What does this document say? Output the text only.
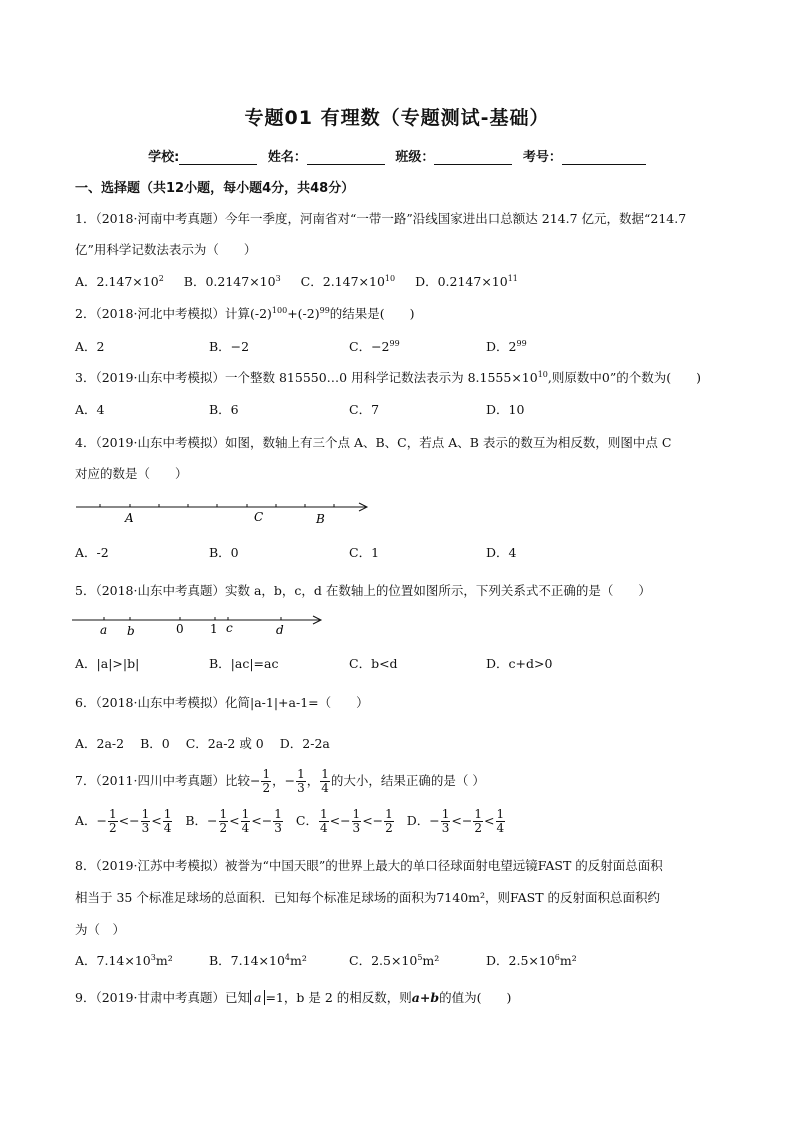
专题01 有理数（专题测试-基础）
学校:	姓名：	班级：	考号：
一、选择题（共12小题，每小题4分，共48分）
1．（2018·河南中考真题）今年一季度，河南省对“一带一路”沿线国家进出口总额达 214.7 亿元，数据“214.7
亿”用科学记数法表示为（　　）
A．$2.147\times 10^2$ B．$0.2147\times 10^3$ C．$2.147\times 10^{10}$ D．$0.2147\times 10^{11}$
2．（2018·河北中考模拟）计算$(-2)^{100}+(-2)^{99}$的结果是(　　)
A．2	B．−2	C．$-2^{99}$	D．$2^{99}$
3．（2019·山东中考模拟）一个整数 815550…0 用科学记数法表示为 $8.1555\times 10^{10}$,则原数中0”的个数为(　　)
A．4	B．6	C．7	D．10
4．（2019·山东中考模拟）如图，数轴上有三个点 A、B、C，若点 A、B 表示的数互为相反数，则图中点 C
对应的数是（　　）
A	C	B
A．-2	B．0	C．1	D．4
5．（2018·山东中考真题）实数 a，b，c，d 在数轴上的位置如图所示，下列关系式不正确的是（　　）
a b	0 1 c	d
A．|a|>|b|	B．|ac|=ac	C．b<d	D．c+d>0
6．（2018·山东中考模拟）化简|a-1|+a-1=（　　）
A．2a-2 B．0 C．2a-2 或 0 D．2-2a
7．（2011·四川中考真题）比较− $\frac{1}{2}$ ，− $\frac{1}{3}$ ， $\frac{1}{4}$ 的大小，结果正确的是（ ）
A．− $\frac{1}{2} <- \frac{1}{3} < \frac{1}{4}$ B．− $\frac{1}{2} < \frac{1}{4} <- \frac{1}{3}$ C． $\frac{1}{4} <- \frac{1}{3} <- \frac{1}{2}$ D．− $\frac{1}{3} <- \frac{1}{2} < \frac{1}{4}$
8．（2019·江苏中考模拟）被誉为“中国天眼”的世界上最大的单口径球面射电望远镜FAST 的反射面总面积
相当于 35 个标准足球场的总面积．已知每个标准足球场的面积为7140m²，则FAST 的反射面积总面积约
为（　）
A．$7.14\times 10^3m^2$	B．$7.14\times 10^4m^2$	C．$2.5\times 10^5m^2$	D．$2.5\times 10^6m^2$
9．（2019·甘肃中考真题）已知 a =1，b 是 2 的相反数，则a+b的值为(　　)
